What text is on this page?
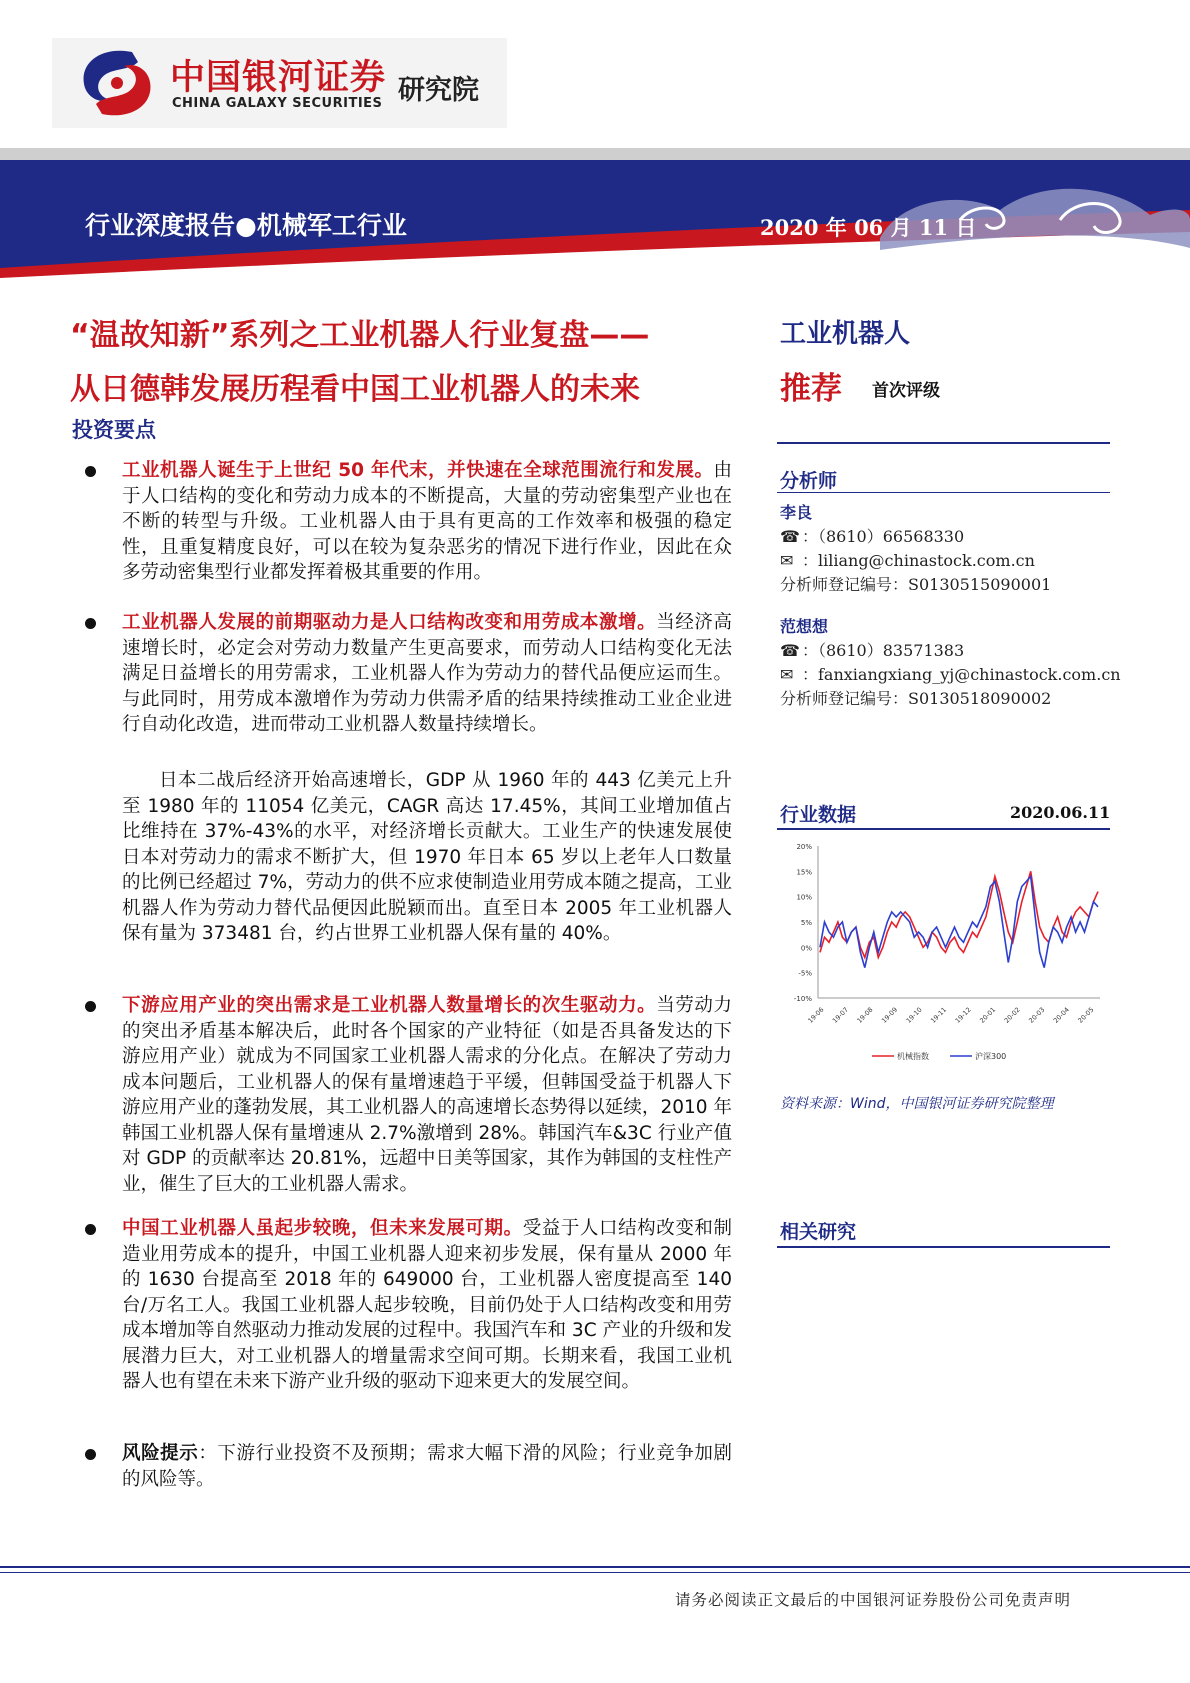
中国银河证券
CHINA GALAXY SECURITIES 研究院
行业深度报告●机械军工行业	2020 年 06 月 11 日
“温故知新”系列之工业机器人行业复盘——
从日德韩发展历程看中国工业机器人的未来
投资要点
工业机器人
推荐 首次评级
分析师
李良
☎ ：（8610）66568330
✉ ：liliang@chinastock.com.cn
分析师登记编号：S0130515090001
范想想
☎ ：（8610）83571383
✉ ：fanxiangxiang_yj@chinastock.com.cn
分析师登记编号：S0130518090002
行业数据	2020.06.11
20%
15%
10%
5%
0%
-5%
-10%
19-06 19-07 19-08 19-09 19-10 19-11 19-12 20-01 20-02 20-03 20-04 20-05
机械指数	沪深300
资料来源：Wind，中国银河证券研究院整理
相关研究
工业机器人诞生于上世纪 50 年代末，并快速在全球范围流行和发展。由于人口结构的变化和劳动力成本的不断提高，大量的劳动密集型产业也在不断的转型与升级。工业机器人由于具有更高的工作效率和极强的稳定性，且重复精度良好，可以在较为复杂恶劣的情况下进行作业，因此在众多劳动密集型行业都发挥着极其重要的作用。
工业机器人发展的前期驱动力是人口结构改变和用劳成本激增。当经济高速增长时，必定会对劳动力数量产生更高要求，而劳动人口结构变化无法满足日益增长的用劳需求，工业机器人作为劳动力的替代品便应运而生。与此同时，用劳成本激增作为劳动力供需矛盾的结果持续推动工业企业进行自动化改造，进而带动工业机器人数量持续增长。
日本二战后经济开始高速增长，GDP 从 1960 年的 443 亿美元上升至 1980 年的 11054 亿美元，CAGR 高达 17.45%，其间工业增加值占比维持在 37%-43%的水平，对经济增长贡献大。工业生产的快速发展使日本对劳动力的需求不断扩大，但 1970 年日本 65 岁以上老年人口数量的比例已经超过 7%，劳动力的供不应求使制造业用劳成本随之提高，工业机器人作为劳动力替代品便因此脱颖而出。直至日本 2005 年工业机器人保有量为 373481 台，约占世界工业机器人保有量的 40%。
下游应用产业的突出需求是工业机器人数量增长的次生驱动力。当劳动力的突出矛盾基本解决后，此时各个国家的产业特征（如是否具备发达的下游应用产业）就成为不同国家工业机器人需求的分化点。在解决了劳动力成本问题后，工业机器人的保有量增速趋于平缓，但韩国受益于机器人下游应用产业的蓬勃发展，其工业机器人的高速增长态势得以延续，2010 年韩国工业机器人保有量增速从 2.7%激增到 28%。韩国汽车&3C 行业产值对 GDP 的贡献率达 20.81%，远超中日美等国家，其作为韩国的支柱性产业，催生了巨大的工业机器人需求。
中国工业机器人虽起步较晚，但未来发展可期。受益于人口结构改变和制造业用劳成本的提升，中国工业机器人迎来初步发展，保有量从 2000 年的 1630 台提高至 2018 年的 649000 台，工业机器人密度提高至 140 台/万名工人。我国工业机器人起步较晚，目前仍处于人口结构改变和用劳成本增加等自然驱动力推动发展的过程中。我国汽车和 3C 产业的升级和发展潜力巨大，对工业机器人的增量需求空间可期。长期来看，我国工业机器人也有望在未来下游产业升级的驱动下迎来更大的发展空间。
风险提示：下游行业投资不及预期；需求大幅下滑的风险；行业竞争加剧的风险等。
请务必阅读正文最后的中国银河证券股份公司免责声明
